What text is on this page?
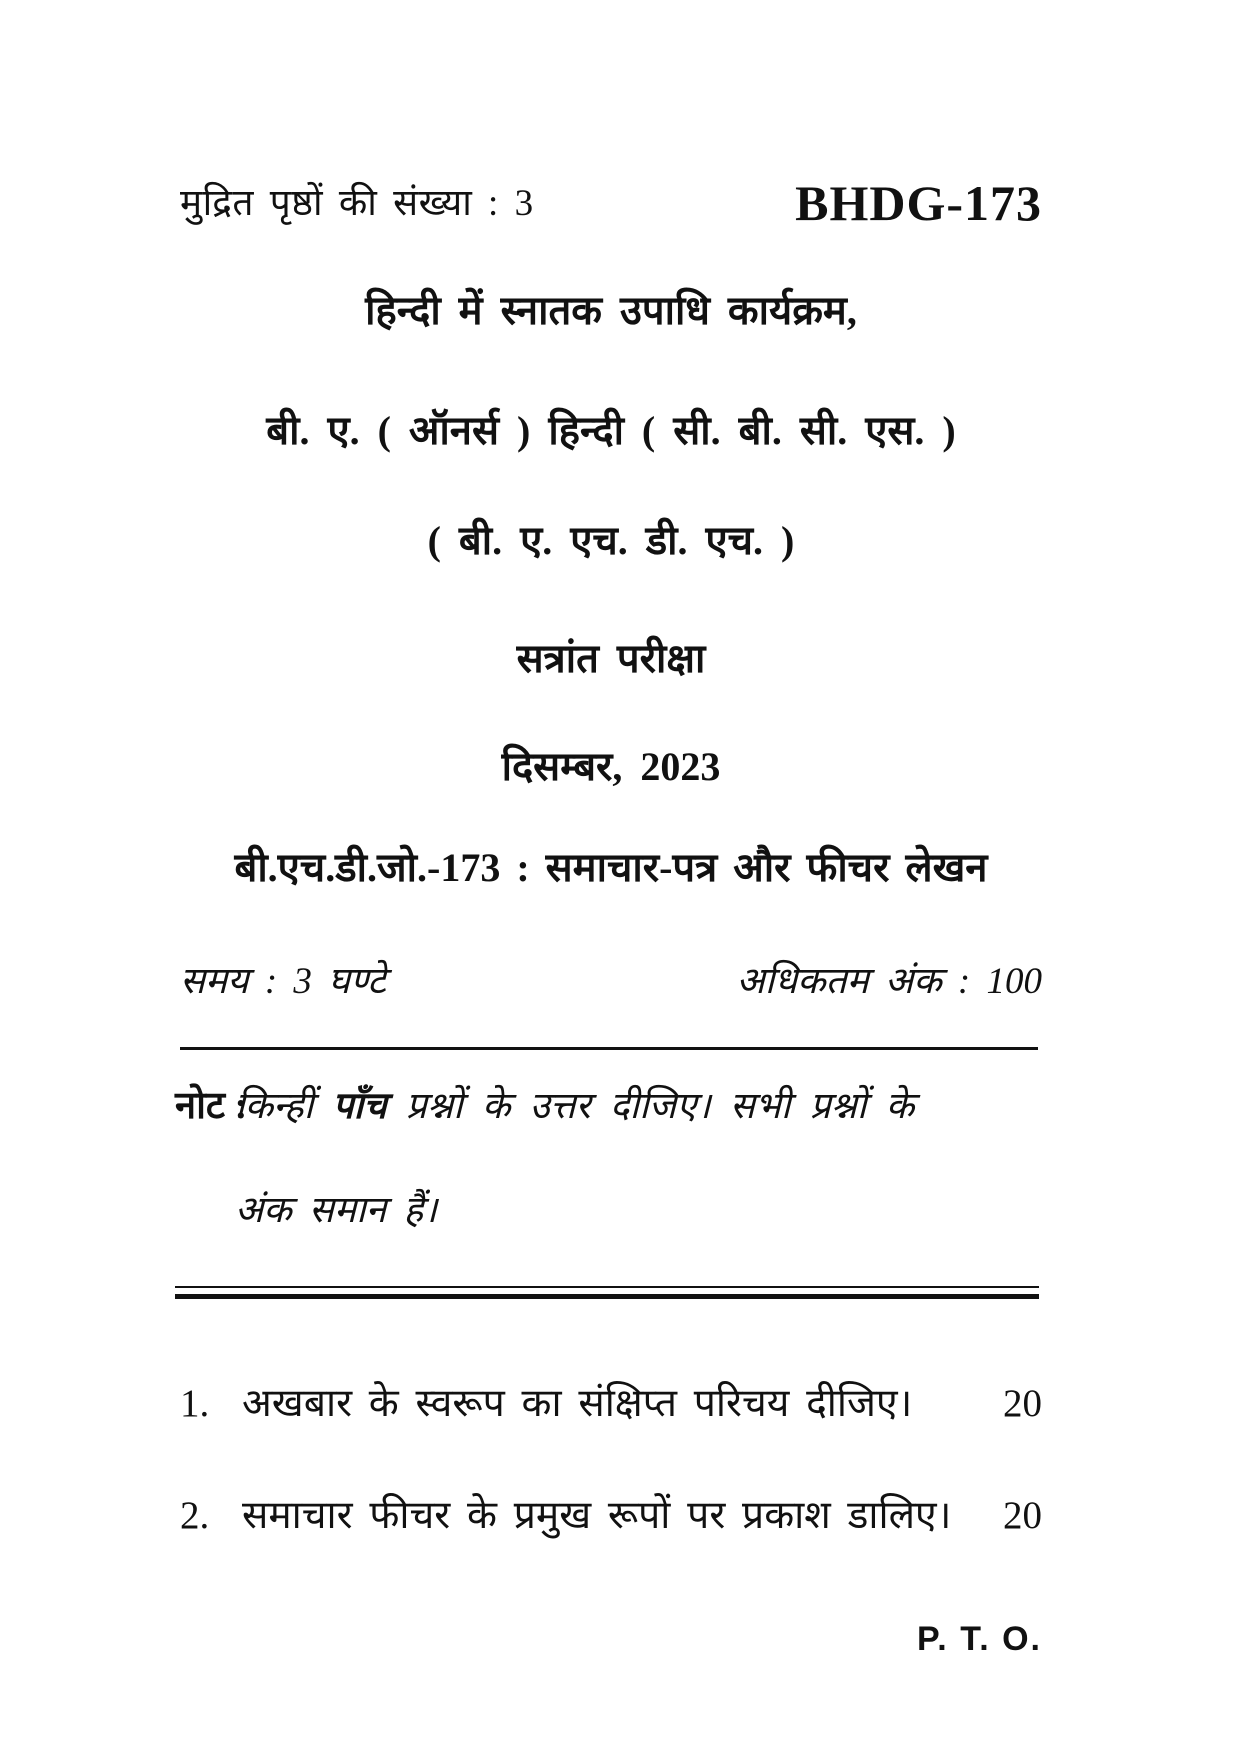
मुद्रित पृष्ठों की संख्या : 3	BHDG-173
हिन्दी में स्नातक उपाधि कार्यक्रम,
बी. ए. ( ऑनर्स ) हिन्दी ( सी. बी. सी. एस. )
( बी. ए. एच. डी. एच. )
सत्रांत परीक्षा
दिसम्बर, 2023
बी.एच.डी.जो.-173 : समाचार-पत्र और फीचर लेखन
समय : 3 घण्टे	अधिकतम अंक : 100
नोट :
किन्हीं पाँच प्रश्नों के उत्तर दीजिए। सभी प्रश्नों के
अंक समान हैं।
1. अखबार के स्वरूप का संक्षिप्त परिचय दीजिए।	20
2. समाचार फीचर के प्रमुख रूपों पर प्रकाश डालिए।	20
P. T. O.
